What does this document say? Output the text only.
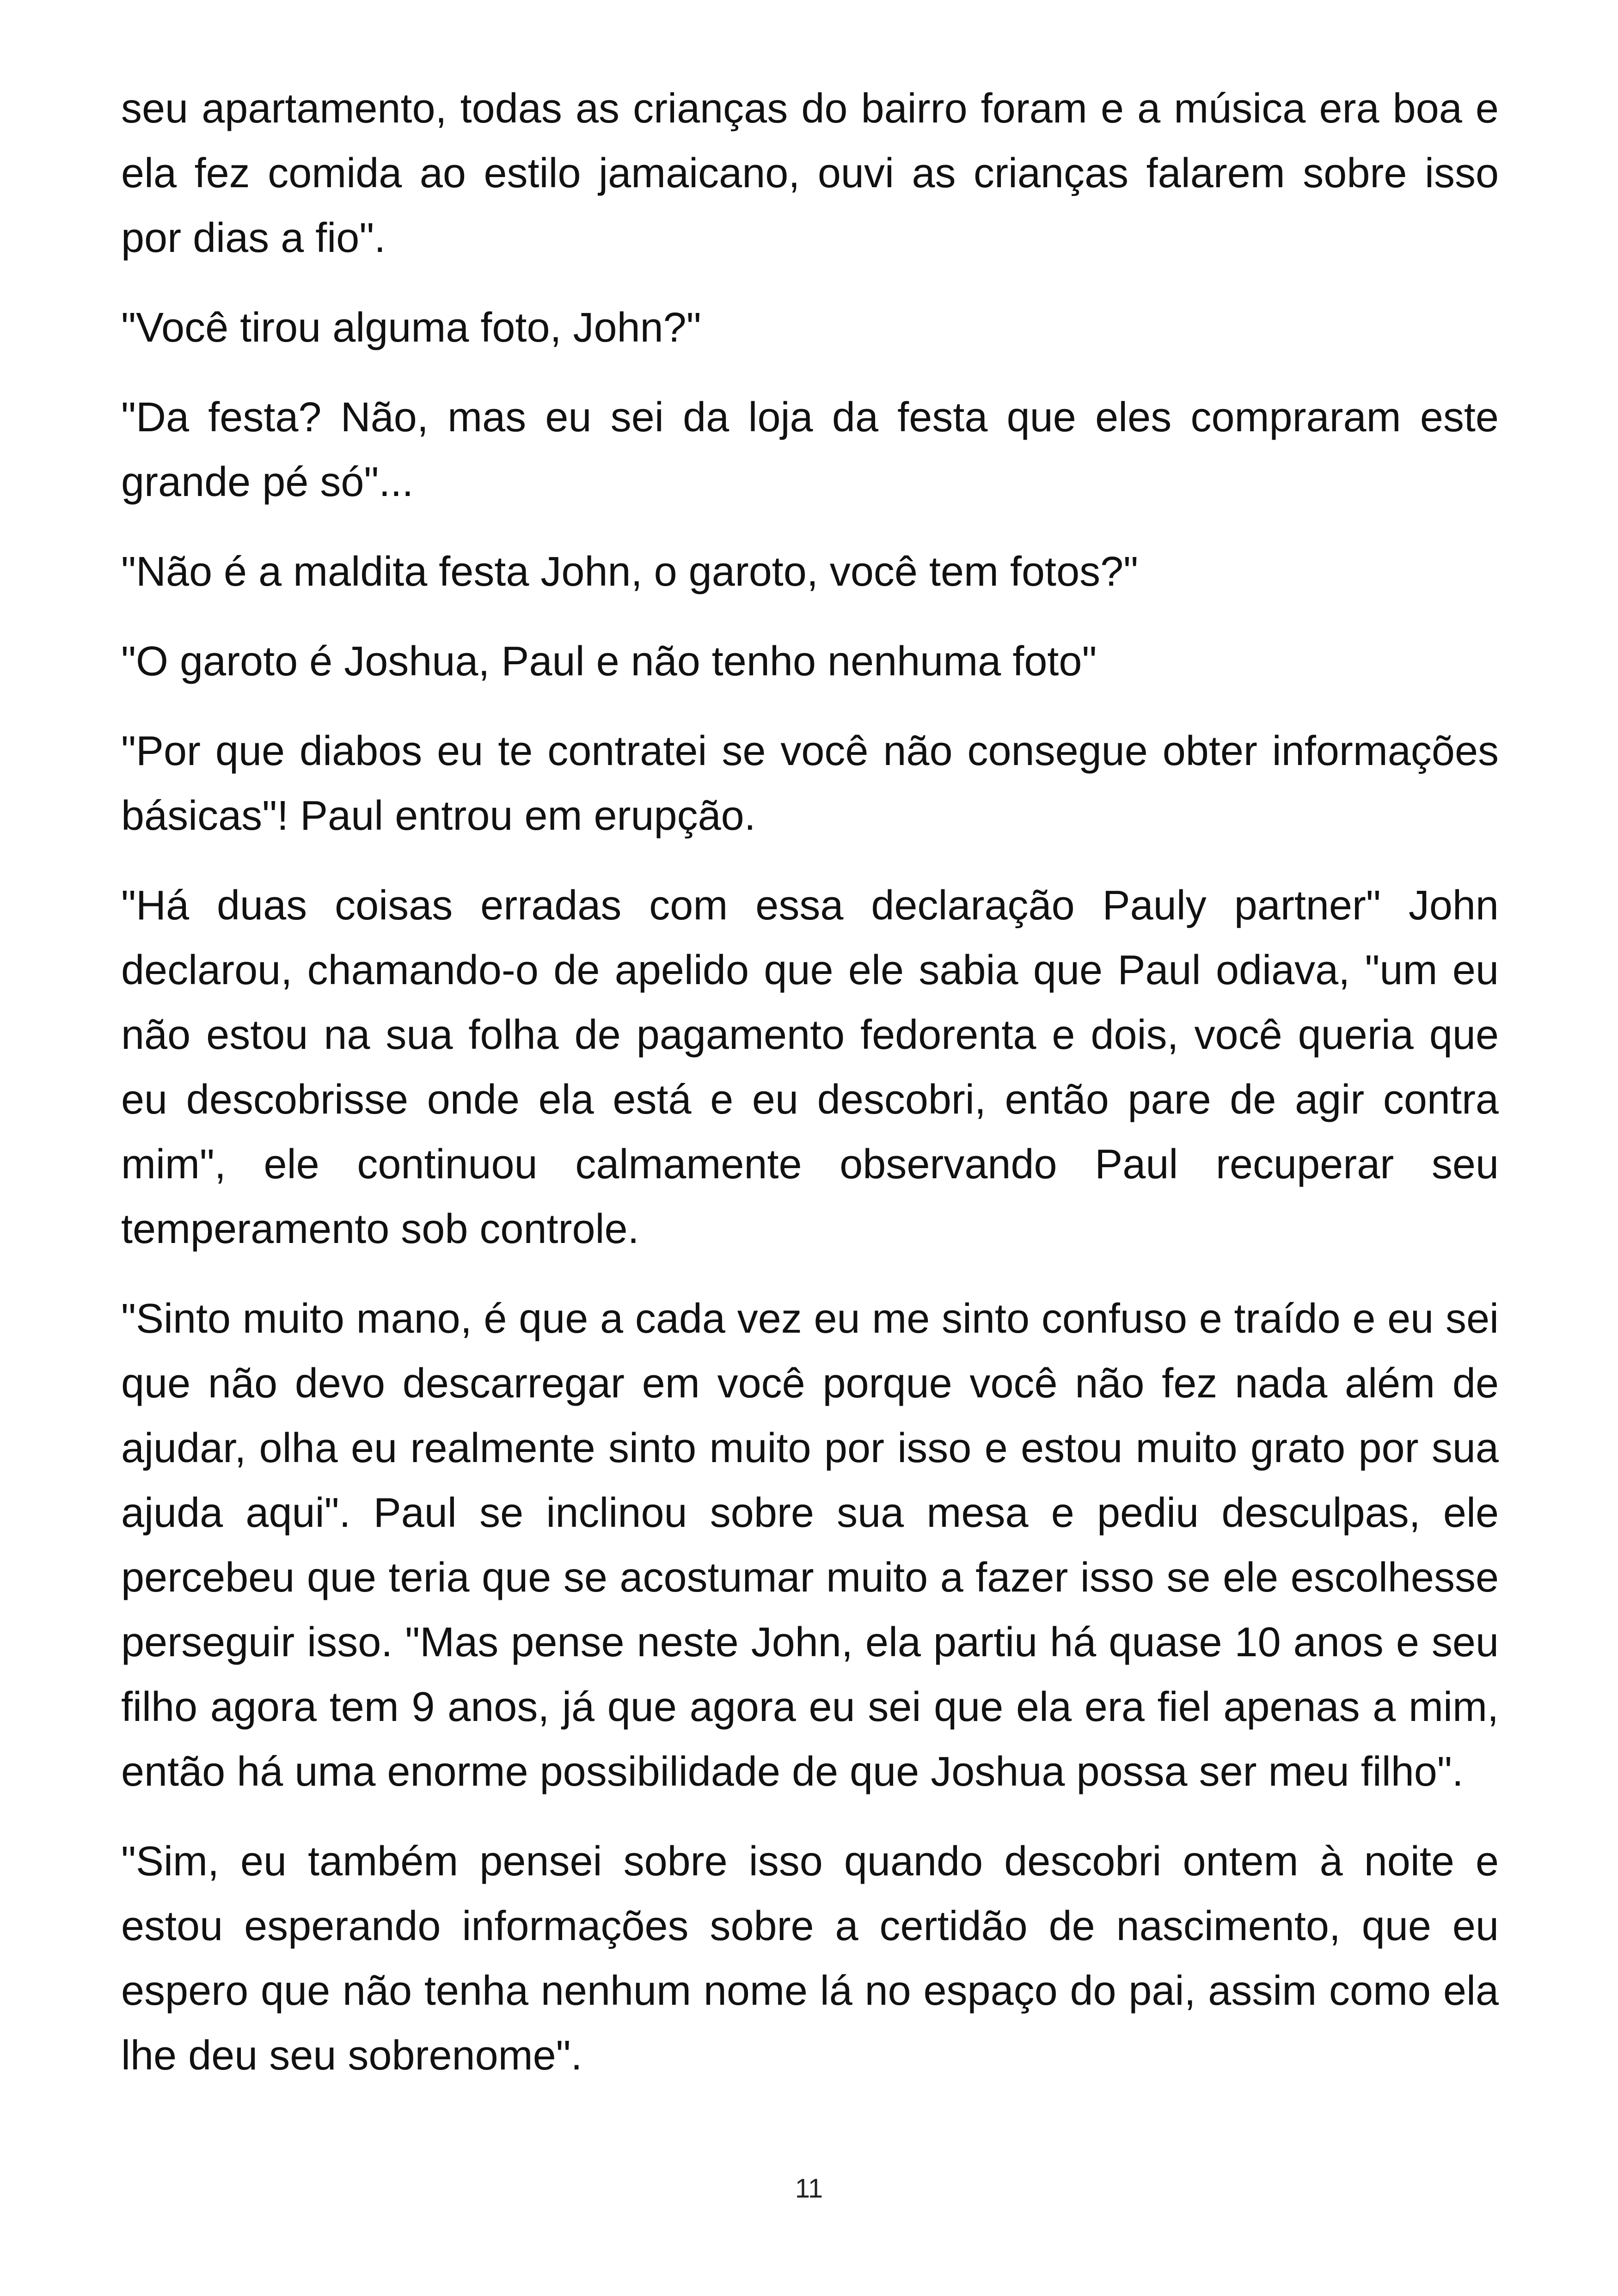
seu apartamento, todas as crianças do bairro foram e a música era boa e ela fez comida ao estilo jamaicano, ouvi as crianças falarem sobre isso por dias a fio".

"Você tirou alguma foto, John?"

"Da festa? Não, mas eu sei da loja da festa que eles compraram este grande pé só"...

"Não é a maldita festa John, o garoto, você tem fotos?"

"O garoto é Joshua, Paul e não tenho nenhuma foto"

"Por que diabos eu te contratei se você não consegue obter informações básicas"! Paul entrou em erupção.

"Há duas coisas erradas com essa declaração Pauly partner" John declarou, chamando-o de apelido que ele sabia que Paul odiava, "um eu não estou na sua folha de pagamento fedorenta e dois, você queria que eu descobrisse onde ela está e eu descobri, então pare de agir contra mim", ele continuou calmamente observando Paul recuperar seu temperamento sob controle.

"Sinto muito mano, é que a cada vez eu me sinto confuso e traído e eu sei que não devo descarregar em você porque você não fez nada além de ajudar, olha eu realmente sinto muito por isso e estou muito grato por sua ajuda aqui". Paul se inclinou sobre sua mesa e pediu desculpas, ele percebeu que teria que se acostumar muito a fazer isso se ele escolhesse perseguir isso. "Mas pense neste John, ela partiu há quase 10 anos e seu filho agora tem 9 anos, já que agora eu sei que ela era fiel apenas a mim, então há uma enorme possibilidade de que Joshua possa ser meu filho".

"Sim, eu também pensei sobre isso quando descobri ontem à noite e estou esperando informações sobre a certidão de nascimento, que eu espero que não tenha nenhum nome lá no espaço do pai, assim como ela lhe deu seu sobrenome".

11
